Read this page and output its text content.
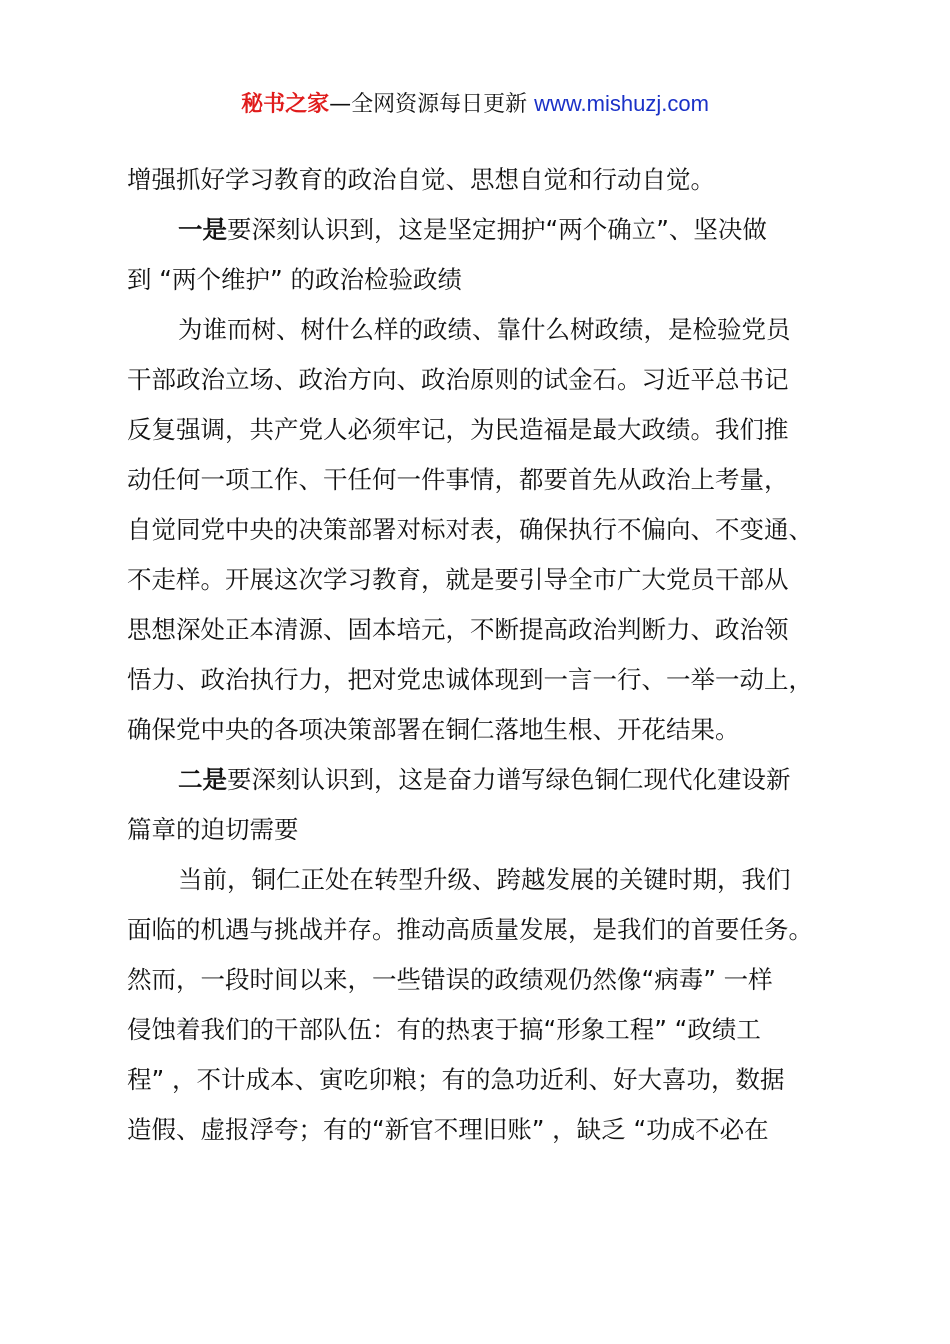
秘书之家—全网资源每日更新 www.mishuzj.com
增强抓好学习教育的政治自觉、思想自觉和行动自觉。
一是要深刻认识到，这是坚定拥护“两个确立”、坚决做
到 “两个维护” 的政治检验政绩
为谁而树、树什么样的政绩、靠什么树政绩，是检验党员
干部政治立场、政治方向、政治原则的试金石。习近平总书记
反复强调，共产党人必须牢记，为民造福是最大政绩。我们推
动任何一项工作、干任何一件事情，都要首先从政治上考量，
自觉同党中央的决策部署对标对表，确保执行不偏向、不变通、
不走样。开展这次学习教育，就是要引导全市广大党员干部从
思想深处正本清源、固本培元，不断提高政治判断力、政治领
悟力、政治执行力，把对党忠诚体现到一言一行、一举一动上，
确保党中央的各项决策部署在铜仁落地生根、开花结果。
二是要深刻认识到，这是奋力谱写绿色铜仁现代化建设新
篇章的迫切需要
当前，铜仁正处在转型升级、跨越发展的关键时期，我们
面临的机遇与挑战并存。推动高质量发展，是我们的首要任务。
然而，一段时间以来，一些错误的政绩观仍然像“病毒” 一样
侵蚀着我们的干部队伍：有的热衷于搞“形象工程” “政绩工
程” ，不计成本、寅吃卯粮；有的急功近利、好大喜功，数据
造假、虚报浮夸；有的“新官不理旧账” ，缺乏 “功成不必在
